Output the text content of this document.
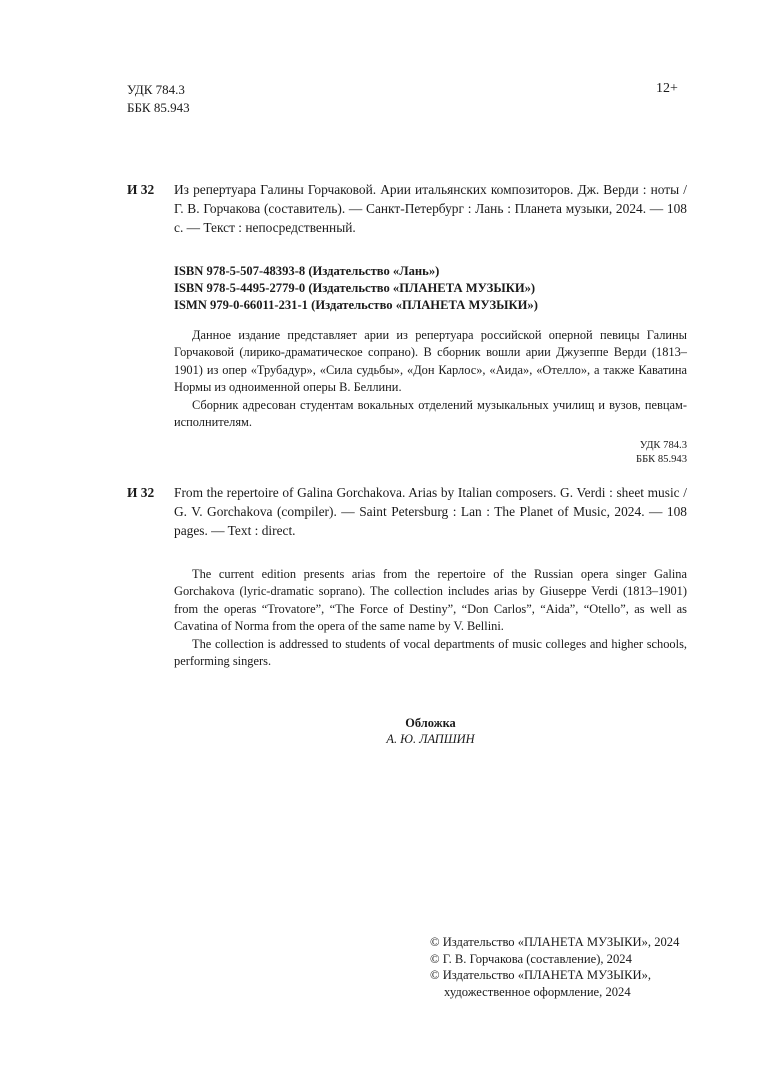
УДК 784.3
ББК 85.943
12+
И 32 Из репертуара Галины Горчаковой. Арии итальянских композиторов. Дж. Верди : ноты / Г. В. Горчакова (составитель). — Санкт-Петербург : Лань : Планета музыки, 2024. — 108 с. — Текст : непосредственный.
ISBN 978-5-507-48393-8 (Издательство «Лань»)
ISBN 978-5-4495-2779-0 (Издательство «ПЛАНЕТА МУЗЫКИ»)
ISMN 979-0-66011-231-1 (Издательство «ПЛАНЕТА МУЗЫКИ»)

Данное издание представляет арии из репертуара российской оперной певицы Галины Горчаковой (лирико-драматическое сопрано). В сборник вошли арии Джузеппе Верди (1813–1901) из опер «Трубадур», «Сила судьбы», «Дон Карлос», «Аида», «Отелло», а также Каватина Нормы из одноименной оперы В. Беллини.

Сборник адресован студентам вокальных отделений музыкальных училищ и вузов, певцам-исполнителям.

УДК 784.3
ББК 85.943
И 32 From the repertoire of Galina Gorchakova. Arias by Italian composers. G. Verdi : sheet music / G. V. Gorchakova (compiler). — Saint Petersburg : Lan : The Planet of Music, 2024. — 108 pages. — Text : direct.

The current edition presents arias from the repertoire of the Russian opera singer Galina Gorchakova (lyric-dramatic soprano). The collection includes arias by Giuseppe Verdi (1813–1901) from the operas “Trovatore”, “The Force of Destiny”, “Don Carlos”, “Aida”, “Otello”, as well as Cavatina of Norma from the opera of the same name by V. Bellini.

The collection is addressed to students of vocal departments of music colleges and higher schools, performing singers.

Обложка
А. Ю. ЛАПШИН
© Издательство «ПЛАНЕТА МУЗЫКИ», 2024
© Г. В. Горчакова (составление), 2024
© Издательство «ПЛАНЕТА МУЗЫКИ»,
художественное оформление, 2024
